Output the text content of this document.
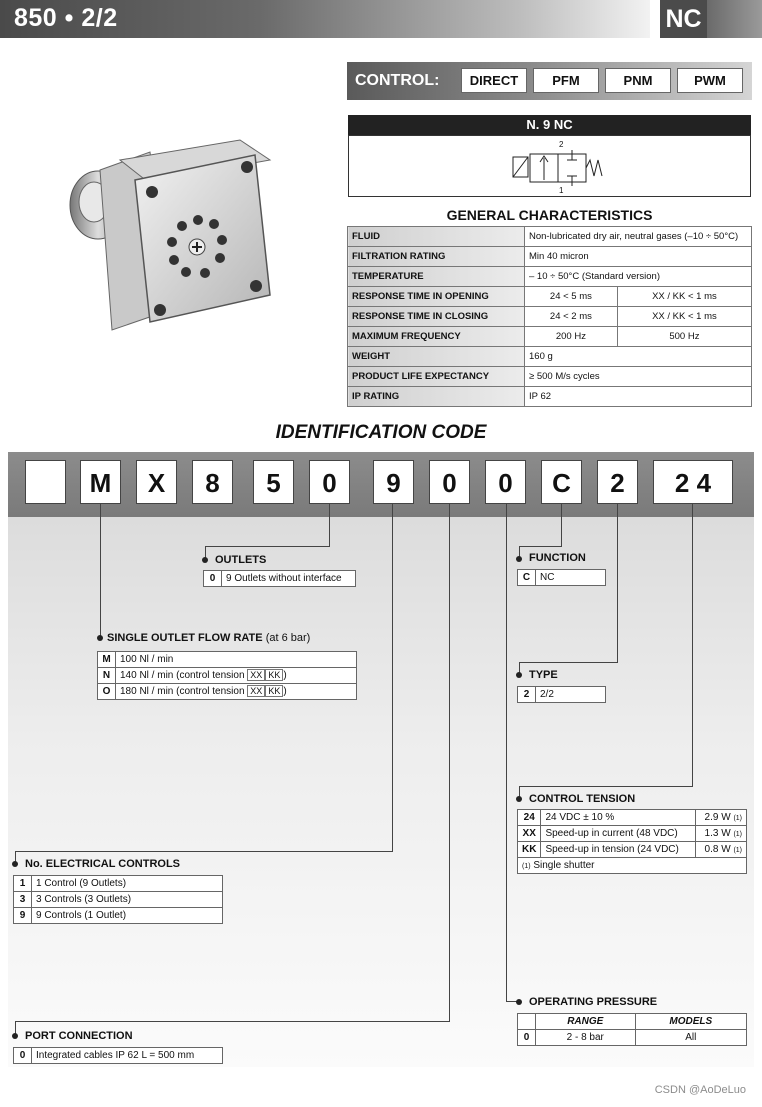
850 • 2/2	NC
CONTROL:	DIRECT	PFM	PNM	PWM
N. 9 NC
2
1
GENERAL CHARACTERISTICS
FLUID	Non-lubricated dry air, neutral gases (–10 ÷ 50°C)	
FILTRATION RATING	Min 40 micron	
TEMPERATURE	– 10 ÷ 50°C (Standard version)	
RESPONSE TIME IN OPENING	24 < 5 ms	XX / KK < 1 ms
RESPONSE TIME IN CLOSING	24 < 2 ms	XX / KK < 1 ms
MAXIMUM FREQUENCY	200 Hz	500 Hz
WEIGHT	160 g	
PRODUCT LIFE EXPECTANCY	≥ 500 M/s cycles	
IP RATING	IP 62	
IDENTIFICATION CODE
M	X	8	5	0	9	0	0	C	2	2 4
OUTLETS
0	9 Outlets without interface
SINGLE OUTLET FLOW RATE (at 6 bar)
M	100 Nl / min
N	140 Nl / min (control tension XX KK )
O	180 Nl / min (control tension XX KK )
No. ELECTRICAL CONTROLS
1	1 Control (9 Outlets)
3	3 Controls (3 Outlets)
9	9 Controls (1 Outlet)
PORT CONNECTION
0	Integrated cables IP 62 L = 500 mm
FUNCTION
C	NC
TYPE
2	2/2
CONTROL TENSION
24	24 VDC ± 10 %	2.9 W (1)
XX	Speed-up in current (48 VDC)	1.3 W (1)
KK	Speed-up in tension (24 VDC)	0.8 W (1)
(1) Single shutter		
OPERATING PRESSURE
	RANGE	MODELS
0	2 - 8 bar	All
CSDN @AoDeLuo
